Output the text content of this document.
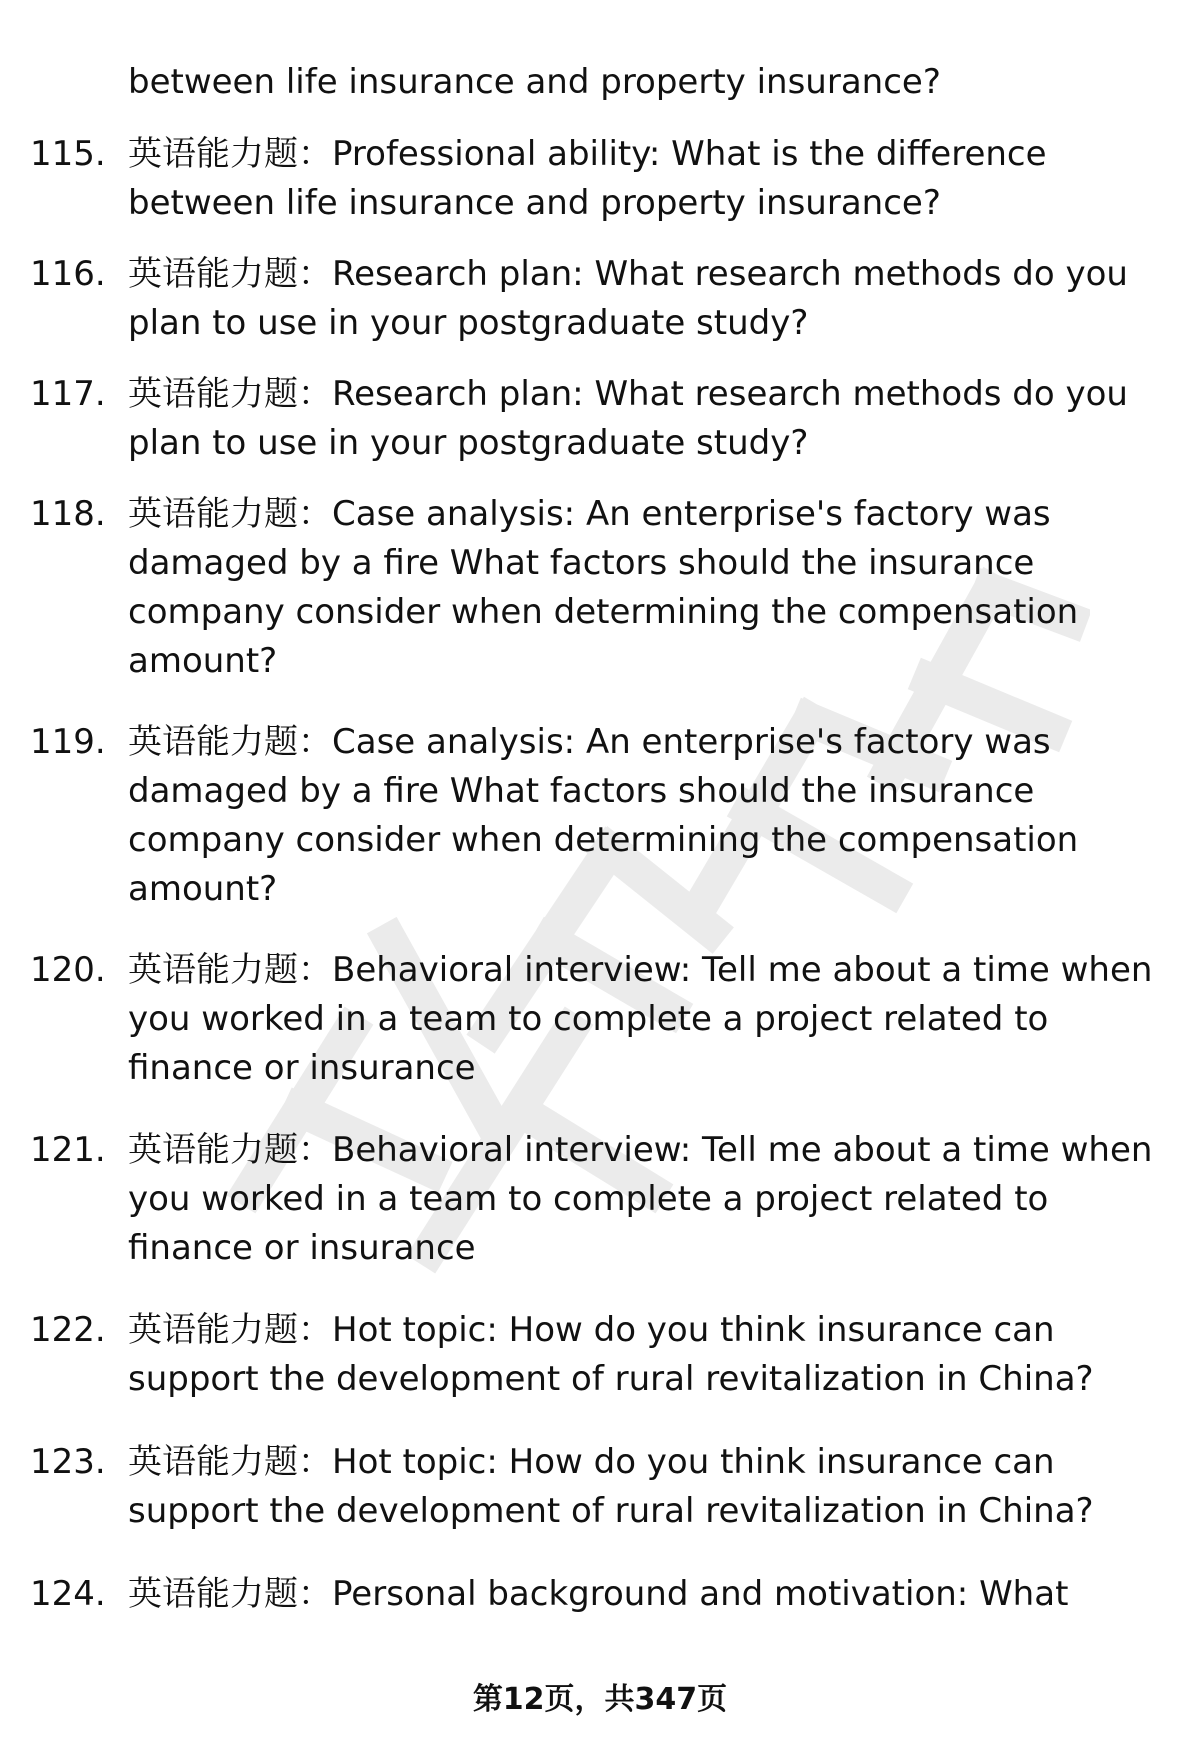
between life insurance and property insurance?

115. 英语能力题：Professional ability: What is the difference between life insurance and property insurance?
116. 英语能力题：Research plan: What research methods do you plan to use in your postgraduate study?
117. 英语能力题：Research plan: What research methods do you plan to use in your postgraduate study?
118. 英语能力题：Case analysis: An enterprise's factory was damaged by a fire What factors should the insurance company consider when determining the compensation amount?
119. 英语能力题：Case analysis: An enterprise's factory was damaged by a fire What factors should the insurance company consider when determining the compensation amount?
120. 英语能力题：Behavioral interview: Tell me about a time when you worked in a team to complete a project related to finance or insurance
121. 英语能力题：Behavioral interview: Tell me about a time when you worked in a team to complete a project related to finance or insurance
122. 英语能力题：Hot topic: How do you think insurance can support the development of rural revitalization in China?
123. 英语能力题：Hot topic: How do you think insurance can support the development of rural revitalization in China?
124. 英语能力题：Personal background and motivation: What
第12页，共347页
